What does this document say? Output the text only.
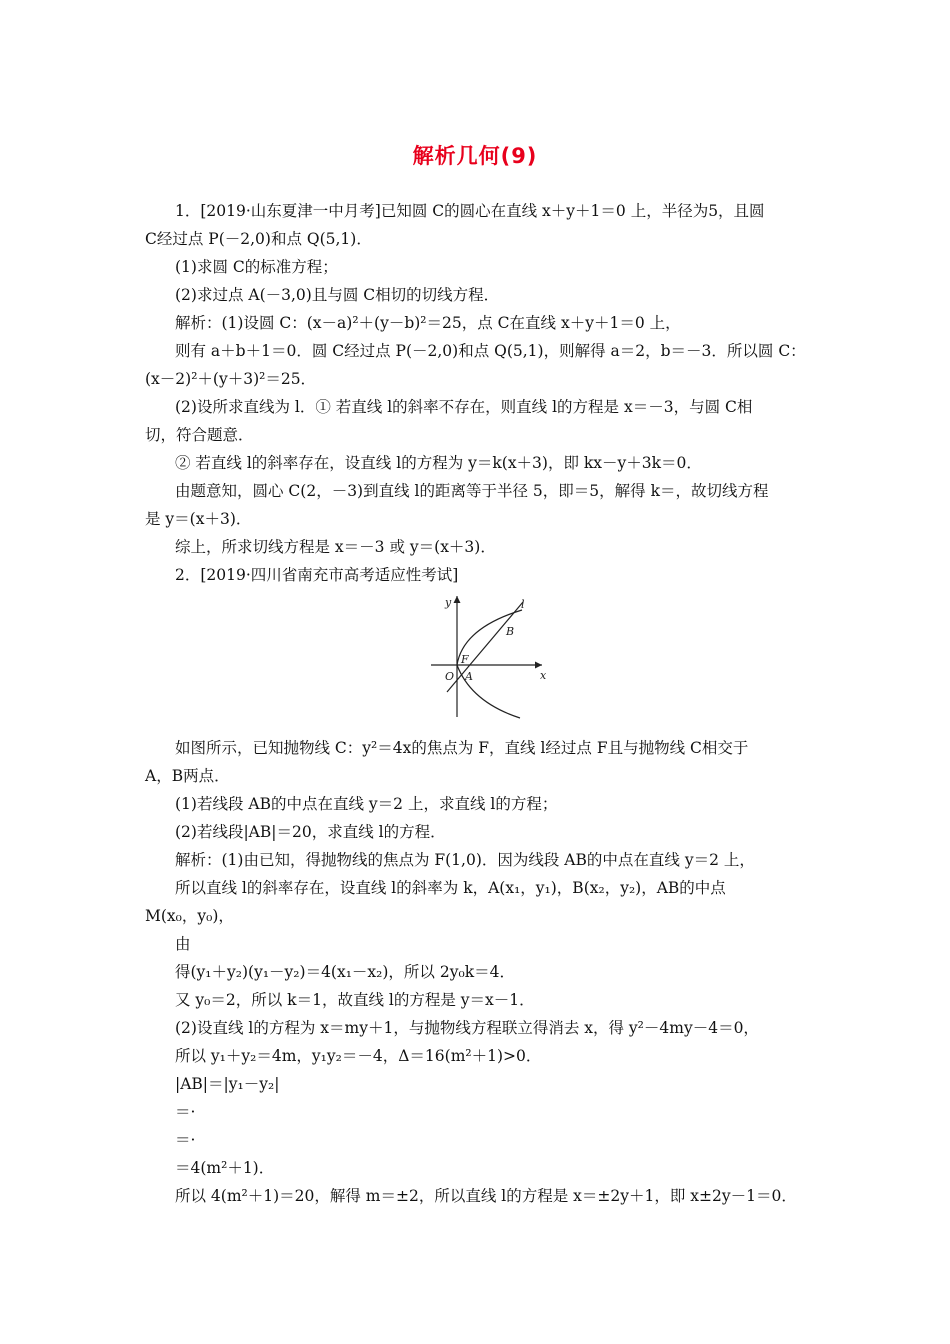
解析几何(9)
1．[2019·山东夏津一中月考]已知圆 C的圆心在直线 x＋y＋1＝0 上，半径为5，且圆
C经过点 P(－2,0)和点 Q(5,1)．
(1)求圆 C的标准方程；
(2)求过点 A(－3,0)且与圆 C相切的切线方程．
解析：(1)设圆 C：(x－a)²＋(y－b)²＝25，点 C在直线 x＋y＋1＝0 上，
则有 a＋b＋1＝0．圆 C经过点 P(－2,0)和点 Q(5,1)，则解得 a＝2，b＝－3．所以圆 C：
(x－2)²＋(y＋3)²＝25．
(2)设所求直线为 l．① 若直线 l的斜率不存在，则直线 l的方程是 x＝－3，与圆 C相
切，符合题意．
② 若直线 l的斜率存在，设直线 l的方程为 y＝k(x＋3)，即 kx－y＋3k＝0．
由题意知，圆心 C(2，－3)到直线 l的距离等于半径 5，即＝5，解得 k＝，故切线方程
是 y＝(x＋3)．
综上，所求切线方程是 x＝－3 或 y＝(x＋3)．
2．[2019·四川省南充市高考适应性考试]
y
x
l
B
F
O A
如图所示，已知抛物线 C：y²＝4x的焦点为 F，直线 l经过点 F且与抛物线 C相交于
A，B两点．
(1)若线段 AB的中点在直线 y＝2 上，求直线 l的方程；
(2)若线段|AB|＝20，求直线 l的方程．
解析：(1)由已知，得抛物线的焦点为 F(1,0)．因为线段 AB的中点在直线 y＝2 上，
所以直线 l的斜率存在，设直线 l的斜率为 k，A(x₁，y₁)，B(x₂，y₂)，AB的中点
M(x₀，y₀)，
由
得(y₁＋y₂)(y₁－y₂)＝4(x₁－x₂)，所以 2y₀k＝4．
又 y₀＝2，所以 k＝1，故直线 l的方程是 y＝x－1．
(2)设直线 l的方程为 x＝my＋1，与抛物线方程联立得消去 x，得 y²－4my－4＝0，
所以 y₁＋y₂＝4m，y₁y₂＝－4，Δ＝16(m²＋1)>0．
|AB|＝|y₁－y₂|
＝·
＝·
＝4(m²＋1)．
所以 4(m²＋1)＝20，解得 m＝±2，所以直线 l的方程是 x＝±2y＋1，即 x±2y－1＝0．
